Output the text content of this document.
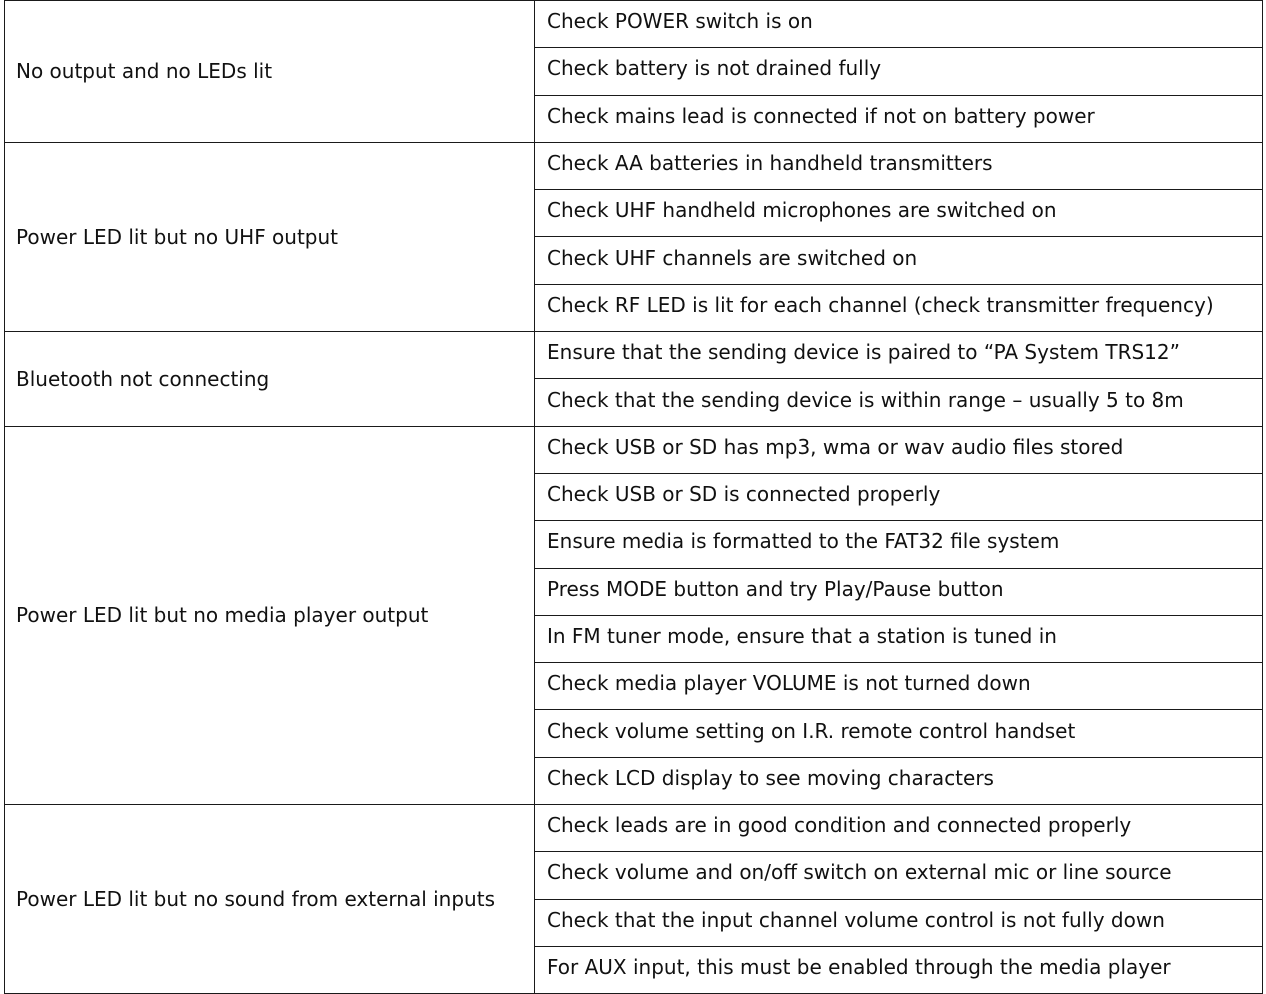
No output and no LEDs lit	Check POWER switch is on
	Check battery is not drained fully
	Check mains lead is connected if not on battery power
Power LED lit but no UHF output	Check AA batteries in handheld transmitters
	Check UHF handheld microphones are switched on
	Check UHF channels are switched on
	Check RF LED is lit for each channel (check transmitter frequency)
Bluetooth not connecting	Ensure that the sending device is paired to “PA System TRS12”
	Check that the sending device is within range – usually 5 to 8m
Power LED lit but no media player output	Check USB or SD has mp3, wma or wav audio files stored
	Check USB or SD is connected properly
	Ensure media is formatted to the FAT32 file system
	Press MODE button and try Play/Pause button
	In FM tuner mode, ensure that a station is tuned in
	Check media player VOLUME is not turned down
	Check volume setting on I.R. remote control handset
	Check LCD display to see moving characters
Power LED lit but no sound from external inputs	Check leads are in good condition and connected properly
	Check volume and on/off switch on external mic or line source
	Check that the input channel volume control is not fully down
	For AUX input, this must be enabled through the media player
